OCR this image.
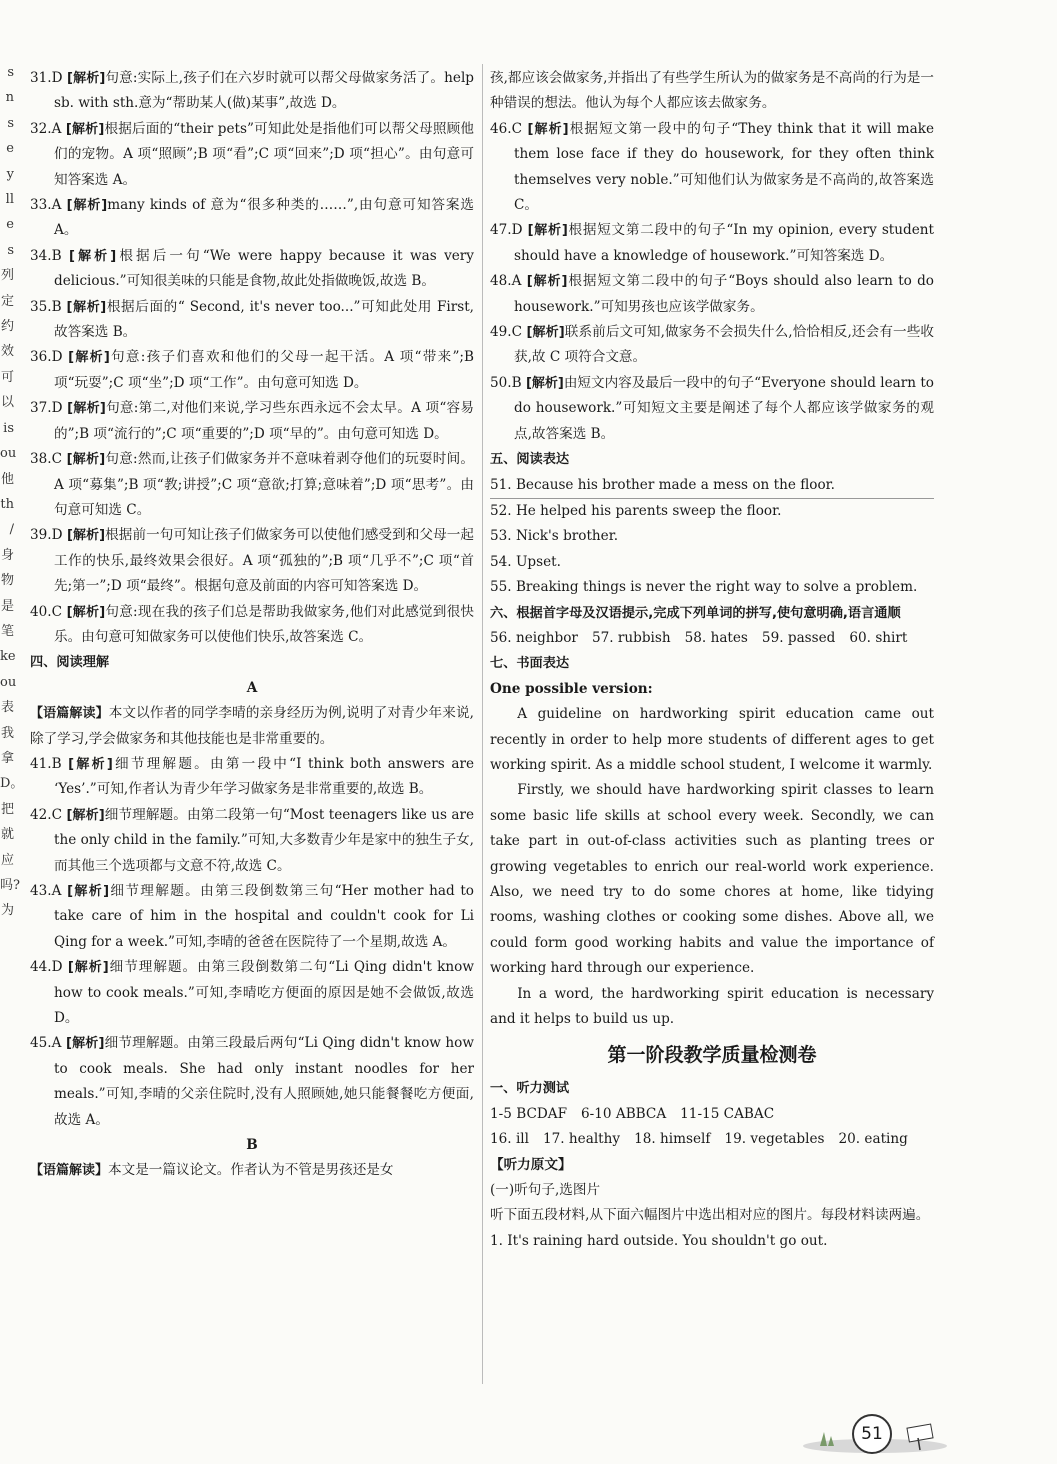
s
n
s
e
y
ll
e
s
列
定
约
效
可
以
is
ou
他
th
/
身
物
是
笔
ke
ou
表
我
拿
D。
把
就
应
吗?
为

31.D [解析]句意:实际上,孩子们在六岁时就可以帮父母做家务活了。help sb. with sth.意为“帮助某人(做)某事”,故选 D。

32.A [解析]根据后面的“their pets”可知此处是指他们可以帮父母照顾他们的宠物。A 项“照顾”;B 项“看”;C 项“回来”;D 项“担心”。由句意可知答案选 A。

33.A [解析]many kinds of 意为“很多种类的……”,由句意可知答案选 A。

34.B [解析]根据后一句“We were happy because it was very delicious.”可知很美味的只能是食物,故此处指做晚饭,故选 B。

35.B [解析]根据后面的“ Second, it's never too...”可知此处用 First,故答案选 B。

36.D [解析]句意:孩子们喜欢和他们的父母一起干活。A 项“带来”;B 项“玩耍”;C 项“坐”;D 项“工作”。由句意可知选 D。

37.D [解析]句意:第二,对他们来说,学习些东西永远不会太早。A 项“容易的”;B 项“流行的”;C 项“重要的”;D 项“早的”。由句意可知选 D。

38.C [解析]句意:然而,让孩子们做家务并不意味着剥夺他们的玩耍时间。A 项“募集”;B 项“教;讲授”;C 项“意欲;打算;意味着”;D 项“思考”。由句意可知选 C。

39.D [解析]根据前一句可知让孩子们做家务可以使他们感受到和父母一起工作的快乐,最终效果会很好。A 项“孤独的”;B 项“几乎不”;C 项“首先;第一”;D 项“最终”。根据句意及前面的内容可知答案选 D。

40.C [解析]句意:现在我的孩子们总是帮助我做家务,他们对此感觉到很快乐。由句意可知做家务可以使他们快乐,故答案选 C。

四、阅读理解

A

【语篇解读】本文以作者的同学李晴的亲身经历为例,说明了对青少年来说,除了学习,学会做家务和其他技能也是非常重要的。

41.B [解析]细节理解题。由第一段中“I think both answers are ‘Yes’.”可知,作者认为青少年学习做家务是非常重要的,故选 B。

42.C [解析]细节理解题。由第二段第一句“Most teenagers like us are the only child in the family.”可知,大多数青少年是家中的独生子女,而其他三个选项都与文意不符,故选 C。

43.A [解析]细节理解题。由第三段倒数第三句“Her mother had to take care of him in the hospital and couldn't cook for Li Qing for a week.”可知,李晴的爸爸在医院待了一个星期,故选 A。

44.D [解析]细节理解题。由第三段倒数第二句“Li Qing didn't know how to cook meals.”可知,李晴吃方便面的原因是她不会做饭,故选 D。

45.A [解析]细节理解题。由第三段最后两句“Li Qing didn't know how to cook meals. She had only instant noodles for her meals.”可知,李晴的父亲住院时,没有人照顾她,她只能餐餐吃方便面,故选 A。

B

【语篇解读】本文是一篇议论文。作者认为不管是男孩还是女

孩,都应该会做家务,并指出了有些学生所认为的做家务是不高尚的行为是一种错误的想法。他认为每个人都应该去做家务。

46.C [解析]根据短文第一段中的句子“They think that it will make them lose face if they do housework, for they often think themselves very noble.”可知他们认为做家务是不高尚的,故答案选 C。

47.D [解析]根据短文第二段中的句子“In my opinion, every student should have a knowledge of housework.”可知答案选 D。

48.A [解析]根据短文第二段中的句子“Boys should also learn to do housework.”可知男孩也应该学做家务。

49.C [解析]联系前后文可知,做家务不会损失什么,恰恰相反,还会有一些收获,故 C 项符合文意。

50.B [解析]由短文内容及最后一段中的句子“Everyone should learn to do housework.”可知短文主要是阐述了每个人都应该学做家务的观点,故答案选 B。

五、阅读表达

51. Because his brother made a mess on the floor.

52. He helped his parents sweep the floor.

53. Nick's brother.

54. Upset.

55. Breaking things is never the right way to solve a problem.

六、根据首字母及汉语提示,完成下列单词的拼写,使句意明确,语言通顺

56. neighbor 57. rubbish 58. hates 59. passed 60. shirt

七、书面表达

One possible version:

A guideline on hardworking spirit education came out recently in order to help more students of different ages to get working spirit. As a middle school student, I welcome it warmly.

Firstly, we should have hardworking spirit classes to learn some basic life skills at school every week. Secondly, we can take part in out-of-class activities such as planting trees or growing vegetables to enrich our real-world work experience. Also, we need try to do some chores at home, like tidying rooms, washing clothes or cooking some dishes. Above all, we could form good working habits and value the importance of working hard through our experience.

In a word, the hardworking spirit education is necessary and it helps to build us up.

第一阶段教学质量检测卷

一、听力测试

1-5 BCDAF 6-10 ABBCA 11-15 CABAC

16. ill 17. healthy 18. himself 19. vegetables 20. eating

【听力原文】

(一)听句子,选图片

听下面五段材料,从下面六幅图片中选出相对应的图片。每段材料读两遍。

1. It's raining hard outside. You shouldn't go out.

51
